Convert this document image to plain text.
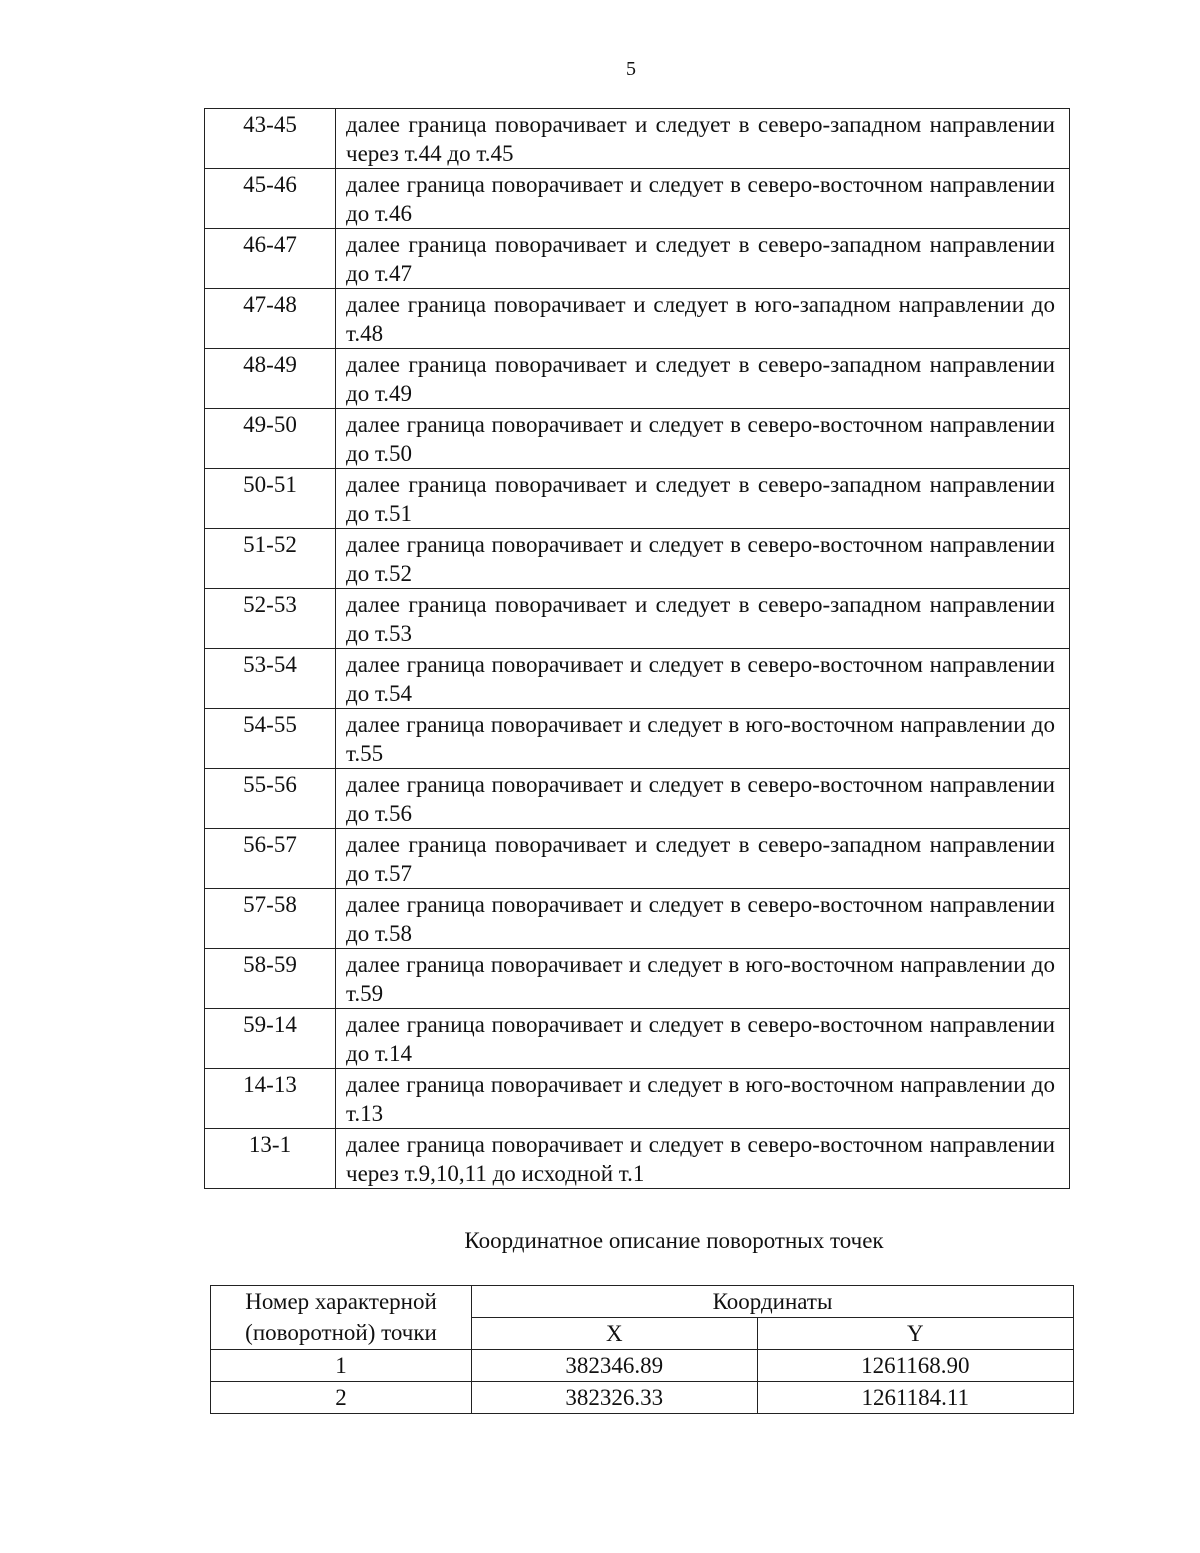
5
43-45	далее граница поворачивает и следует в северо-западном направлении через т.44 до т.45
45-46	далее граница поворачивает и следует в северо-восточном направлении до т.46
46-47	далее граница поворачивает и следует в северо-западном направлении до т.47
47-48	далее граница поворачивает и следует в юго-западном направлении до т.48
48-49	далее граница поворачивает и следует в северо-западном направлении до т.49
49-50	далее граница поворачивает и следует в северо-восточном направлении до т.50
50-51	далее граница поворачивает и следует в северо-западном направлении до т.51
51-52	далее граница поворачивает и следует в северо-восточном направлении до т.52
52-53	далее граница поворачивает и следует в северо-западном направлении до т.53
53-54	далее граница поворачивает и следует в северо-восточном направлении до т.54
54-55	далее граница поворачивает и следует в юго-восточном направлении до т.55
55-56	далее граница поворачивает и следует в северо-восточном направлении до т.56
56-57	далее граница поворачивает и следует в северо-западном направлении до т.57
57-58	далее граница поворачивает и следует в северо-восточном направлении до т.58
58-59	далее граница поворачивает и следует в юго-восточном направлении до т.59
59-14	далее граница поворачивает и следует в северо-восточном направлении до т.14
14-13	далее граница поворачивает и следует в юго-восточном направлении до т.13
13-1	далее граница поворачивает и следует в северо-восточном направлении через т.9,10,11 до исходной т.1
Координатное описание поворотных точек
Номер характерной (поворотной) точки	Координаты	
	X	Y
1	382346.89	1261168.90
2	382326.33	1261184.11
